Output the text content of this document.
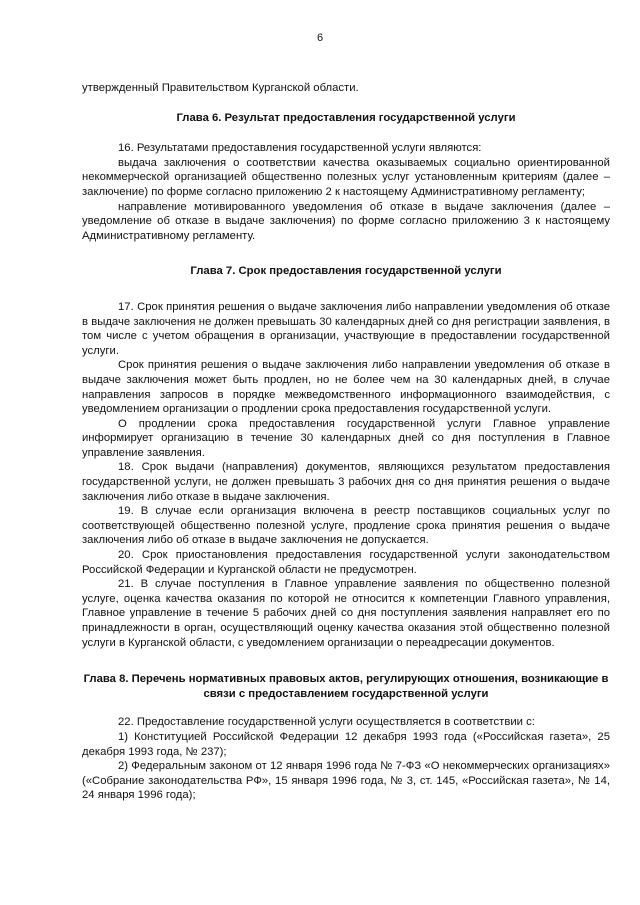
6

утвержденный Правительством Курганской области.

Глава 6. Результат предоставления государственной услуги

16. Результатами предоставления государственной услуги являются:

выдача заключения о соответствии качества оказываемых социально ориентированной некоммерческой организацией общественно полезных услуг установленным критериям (далее – заключение) по форме согласно приложению 2 к настоящему Административному регламенту;

направление мотивированного уведомления об отказе в выдаче заключения (далее – уведомление об отказе в выдаче заключения) по форме согласно приложению 3 к настоящему Административному регламенту.

Глава 7. Срок предоставления государственной услуги

17. Срок принятия решения о выдаче заключения либо направлении уведомления об отказе в выдаче заключения не должен превышать 30 календарных дней со дня регистрации заявления, в том числе с учетом обращения в организации, участвующие в предоставлении государственной услуги.

Срок принятия решения о выдаче заключения либо направлении уведомления об отказе в выдаче заключения может быть продлен, но не более чем на 30 календарных дней, в случае направления запросов в порядке межведомственного информационного взаимодействия, с уведомлением организации о продлении срока предоставления государственной услуги.

О продлении срока предоставления государственной услуги Главное управление информирует организацию в течение 30 календарных дней со дня поступления в Главное управление заявления.

18. Срок выдачи (направления) документов, являющихся результатом предоставления государственной услуги, не должен превышать 3 рабочих дня со дня принятия решения о выдаче заключения либо отказе в выдаче заключения.

19. В случае если организация включена в реестр поставщиков социальных услуг по соответствующей общественно полезной услуге, продление срока принятия решения о выдаче заключения либо об отказе в выдаче заключения не допускается.

20. Срок приостановления предоставления государственной услуги законодательством Российской Федерации и Курганской области не предусмотрен.

21. В случае поступления в Главное управление заявления по общественно полезной услуге, оценка качества оказания по которой не относится к компетенции Главного управления, Главное управление в течение 5 рабочих дней со дня поступления заявления направляет его по принадлежности в орган, осуществляющий оценку качества оказания этой общественно полезной услуги в Курганской области, с уведомлением организации о переадресации документов.

Глава 8. Перечень нормативных правовых актов, регулирующих отношения, возникающие в связи с предоставлением государственной услуги

22. Предоставление государственной услуги осуществляется в соответствии с:

1) Конституцией Российской Федерации 12 декабря 1993 года («Российская газета», 25 декабря 1993 года, № 237);

2) Федеральным законом от 12 января 1996 года № 7-ФЗ «О некоммерческих организациях» («Собрание законодательства РФ», 15 января 1996 года, № 3, ст. 145, «Российская газета», № 14, 24 января 1996 года);
